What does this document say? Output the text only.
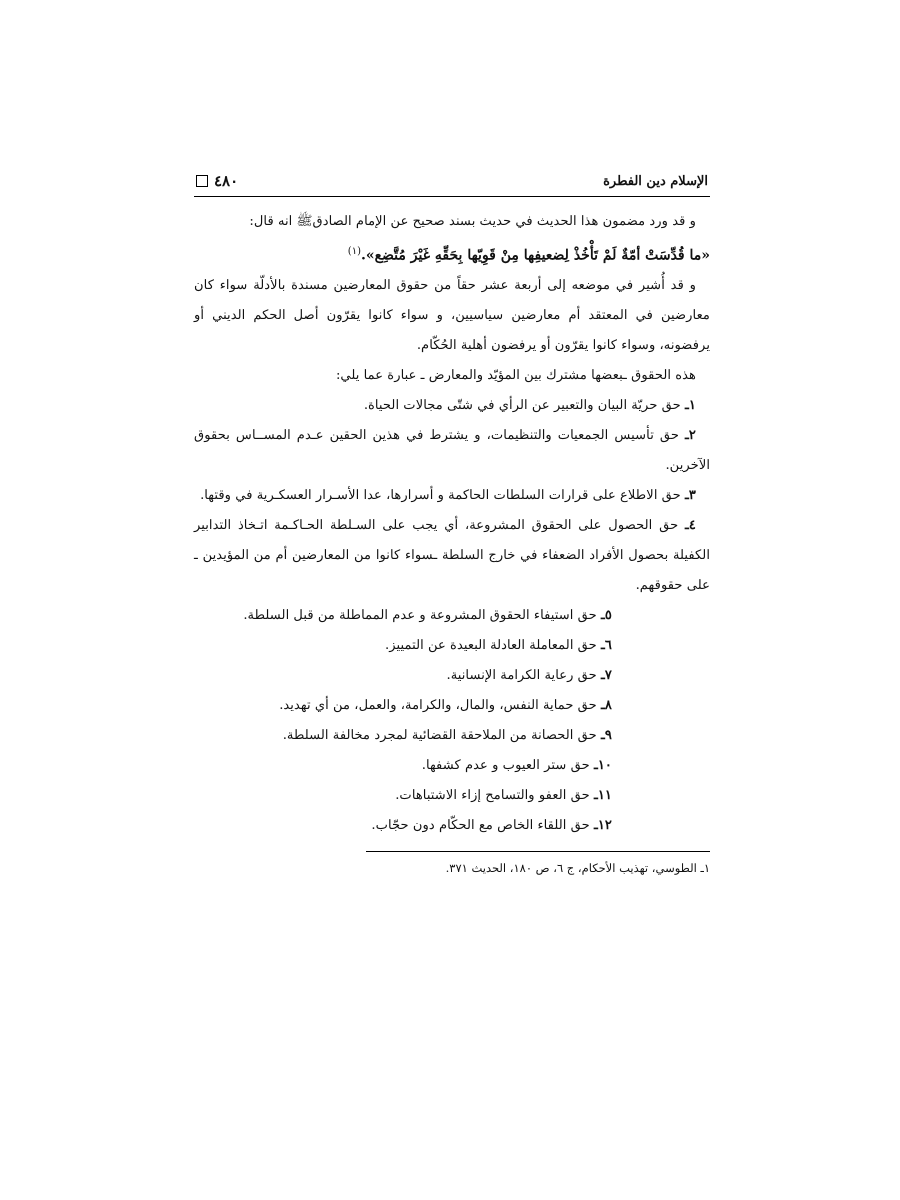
الإسلام دين الفطرة
٤٨٠

و قد ورد مضمون هذا الحديث في حديث بسند صحيح عن الإمام الصادقﷺ انه قال:

«ما قُدِّسَتْ أمّةٌ لَمْ تَأْخُذْ لِضعيفِها مِنْ قَوِيّها بِحَقِّهِ غَيْرَ مُتَّضِع».$^{(١)}$

و قد أُشير في موضعه إلى أربعة عشر حقاً من حقوق المعارضين مسندة بالأدلّة سواء كان معارضين في المعتقد أم معارضين سياسيين، و سواء كانوا يقرّون أصل الحكم الديني أو يرفضونه، وسواء كانوا يقرّون أو يرفضون أهلية الحُكّام.

هذه الحقوق ـبعضها مشترك بين المؤيّد والمعارض ـ عبارة عما يلي:

١ـ حق حريّة البيان والتعبير عن الرأي في شتّى مجالات الحياة.

٢ـ حق تأسيس الجمعيات والتنظيمات، و يشترط في هذين الحقين عـدم المســاس بحقوق الآخرين.

٣ـ حق الاطلاع على قرارات السلطات الحاكمة و أسرارها، عدا الأسـرار العسكـرية في وقتها.

٤ـ حق الحصول على الحقوق المشروعة، أي يجب على السـلطة الحـاكـمة اتـخاذ التدابير الكفيلة بحصول الأفراد الضعفاء في خارج السلطة ـسواء كانوا من المعارضين أم من المؤيدين ـ على حقوقهم.

٥ـ حق استيفاء الحقوق المشروعة و عدم المماطلة من قبل السلطة.

٦ـ حق المعاملة العادلة البعيدة عن التمييز.

٧ـ حق رعاية الكرامة الإنسانية.

٨ـ حق حماية النفس، والمال، والكرامة، والعمل، من أي تهديد.

٩ـ حق الحصانة من الملاحقة القضائية لمجرد مخالفة السلطة.

١٠ـ حق ستر العيوب و عدم كشفها.

١١ـ حق العفو والتسامح إزاء الاشتباهات.

١٢ـ حق اللقاء الخاص مع الحكّام دون حجّاب.

١ـ الطوسي، تهذيب الأحكام، ج ٦، ص ١٨٠، الحديث ٣٧١.
